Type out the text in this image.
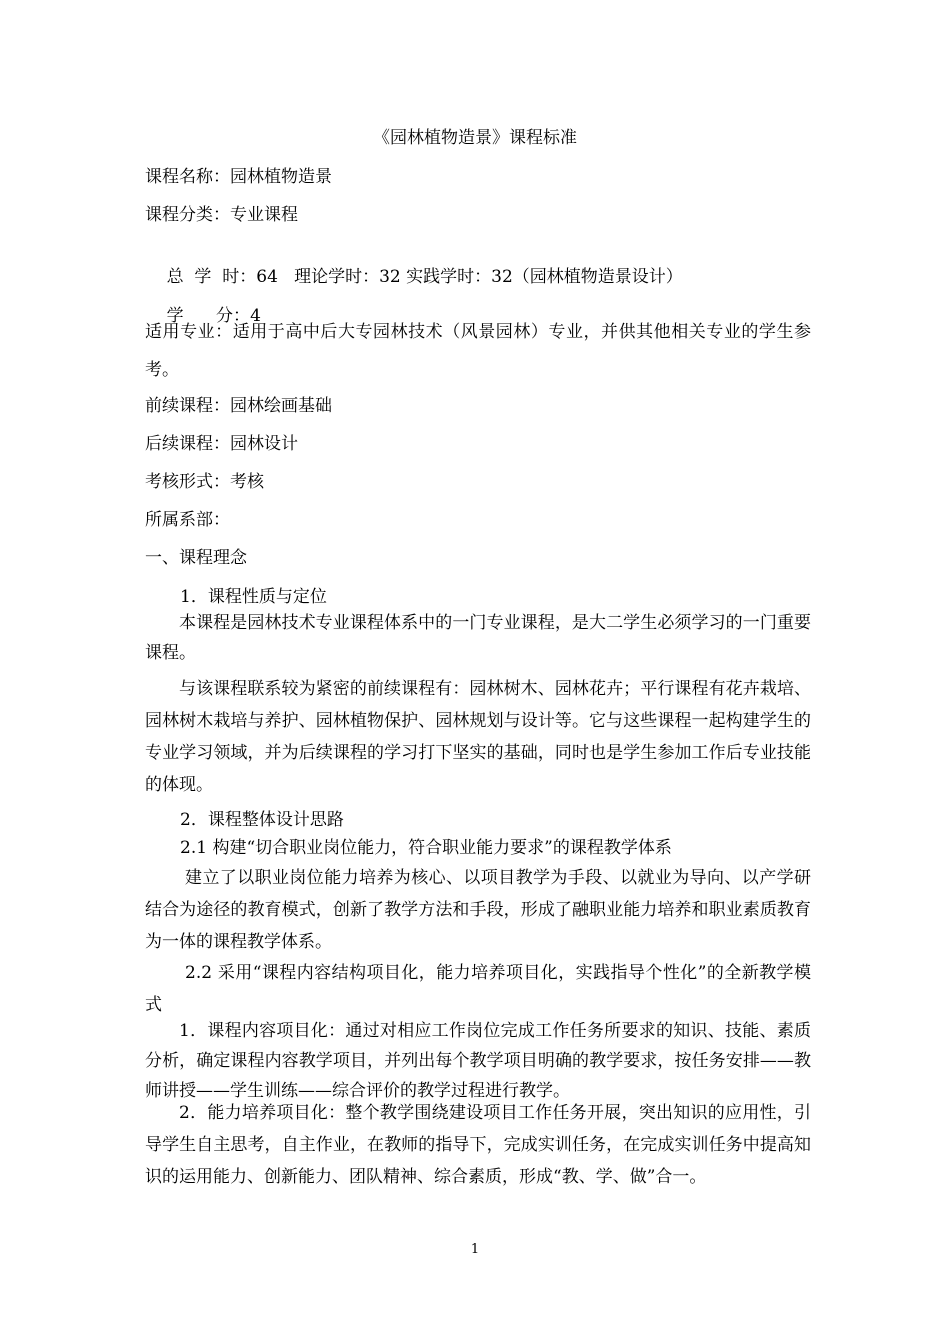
《园林植物造景》课程标准
课程名称：园林植物造景
课程分类：专业课程

总  学  时：64   理论学时：32 实践学时：32（园林植物造景设计）

学      分：4

适用专业：适用于高中后大专园林技术（风景园林）专业，并供其他相关专业的学生参考。
前续课程：园林绘画基础
后续课程：园林设计
考核形式：考核
所属系部：
一、课程理念
1．课程性质与定位
本课程是园林技术专业课程体系中的一门专业课程，是大二学生必须学习的一门重要课程。
与该课程联系较为紧密的前续课程有：园林树木、园林花卉；平行课程有花卉栽培、园林树木栽培与养护、园林植物保护、园林规划与设计等。它与这些课程一起构建学生的专业学习领域，并为后续课程的学习打下坚实的基础，同时也是学生参加工作后专业技能的体现。
2．课程整体设计思路
2.1 构建“切合职业岗位能力，符合职业能力要求”的课程教学体系
建立了以职业岗位能力培养为核心、以项目教学为手段、以就业为导向、以产学研结合为途径的教育模式，创新了教学方法和手段，形成了融职业能力培养和职业素质教育为一体的课程教学体系。
2.2 采用“课程内容结构项目化，能力培养项目化，实践指导个性化”的全新教学模式
1．课程内容项目化：通过对相应工作岗位完成工作任务所要求的知识、技能、素质分析，确定课程内容教学项目，并列出每个教学项目明确的教学要求，按任务安排——教师讲授——学生训练——综合评价的教学过程进行教学。
2．能力培养项目化：整个教学围绕建设项目工作任务开展，突出知识的应用性，引导学生自主思考，自主作业，在教师的指导下，完成实训任务，在完成实训任务中提高知识的运用能力、创新能力、团队精神、综合素质，形成“教、学、做”合一。
1
